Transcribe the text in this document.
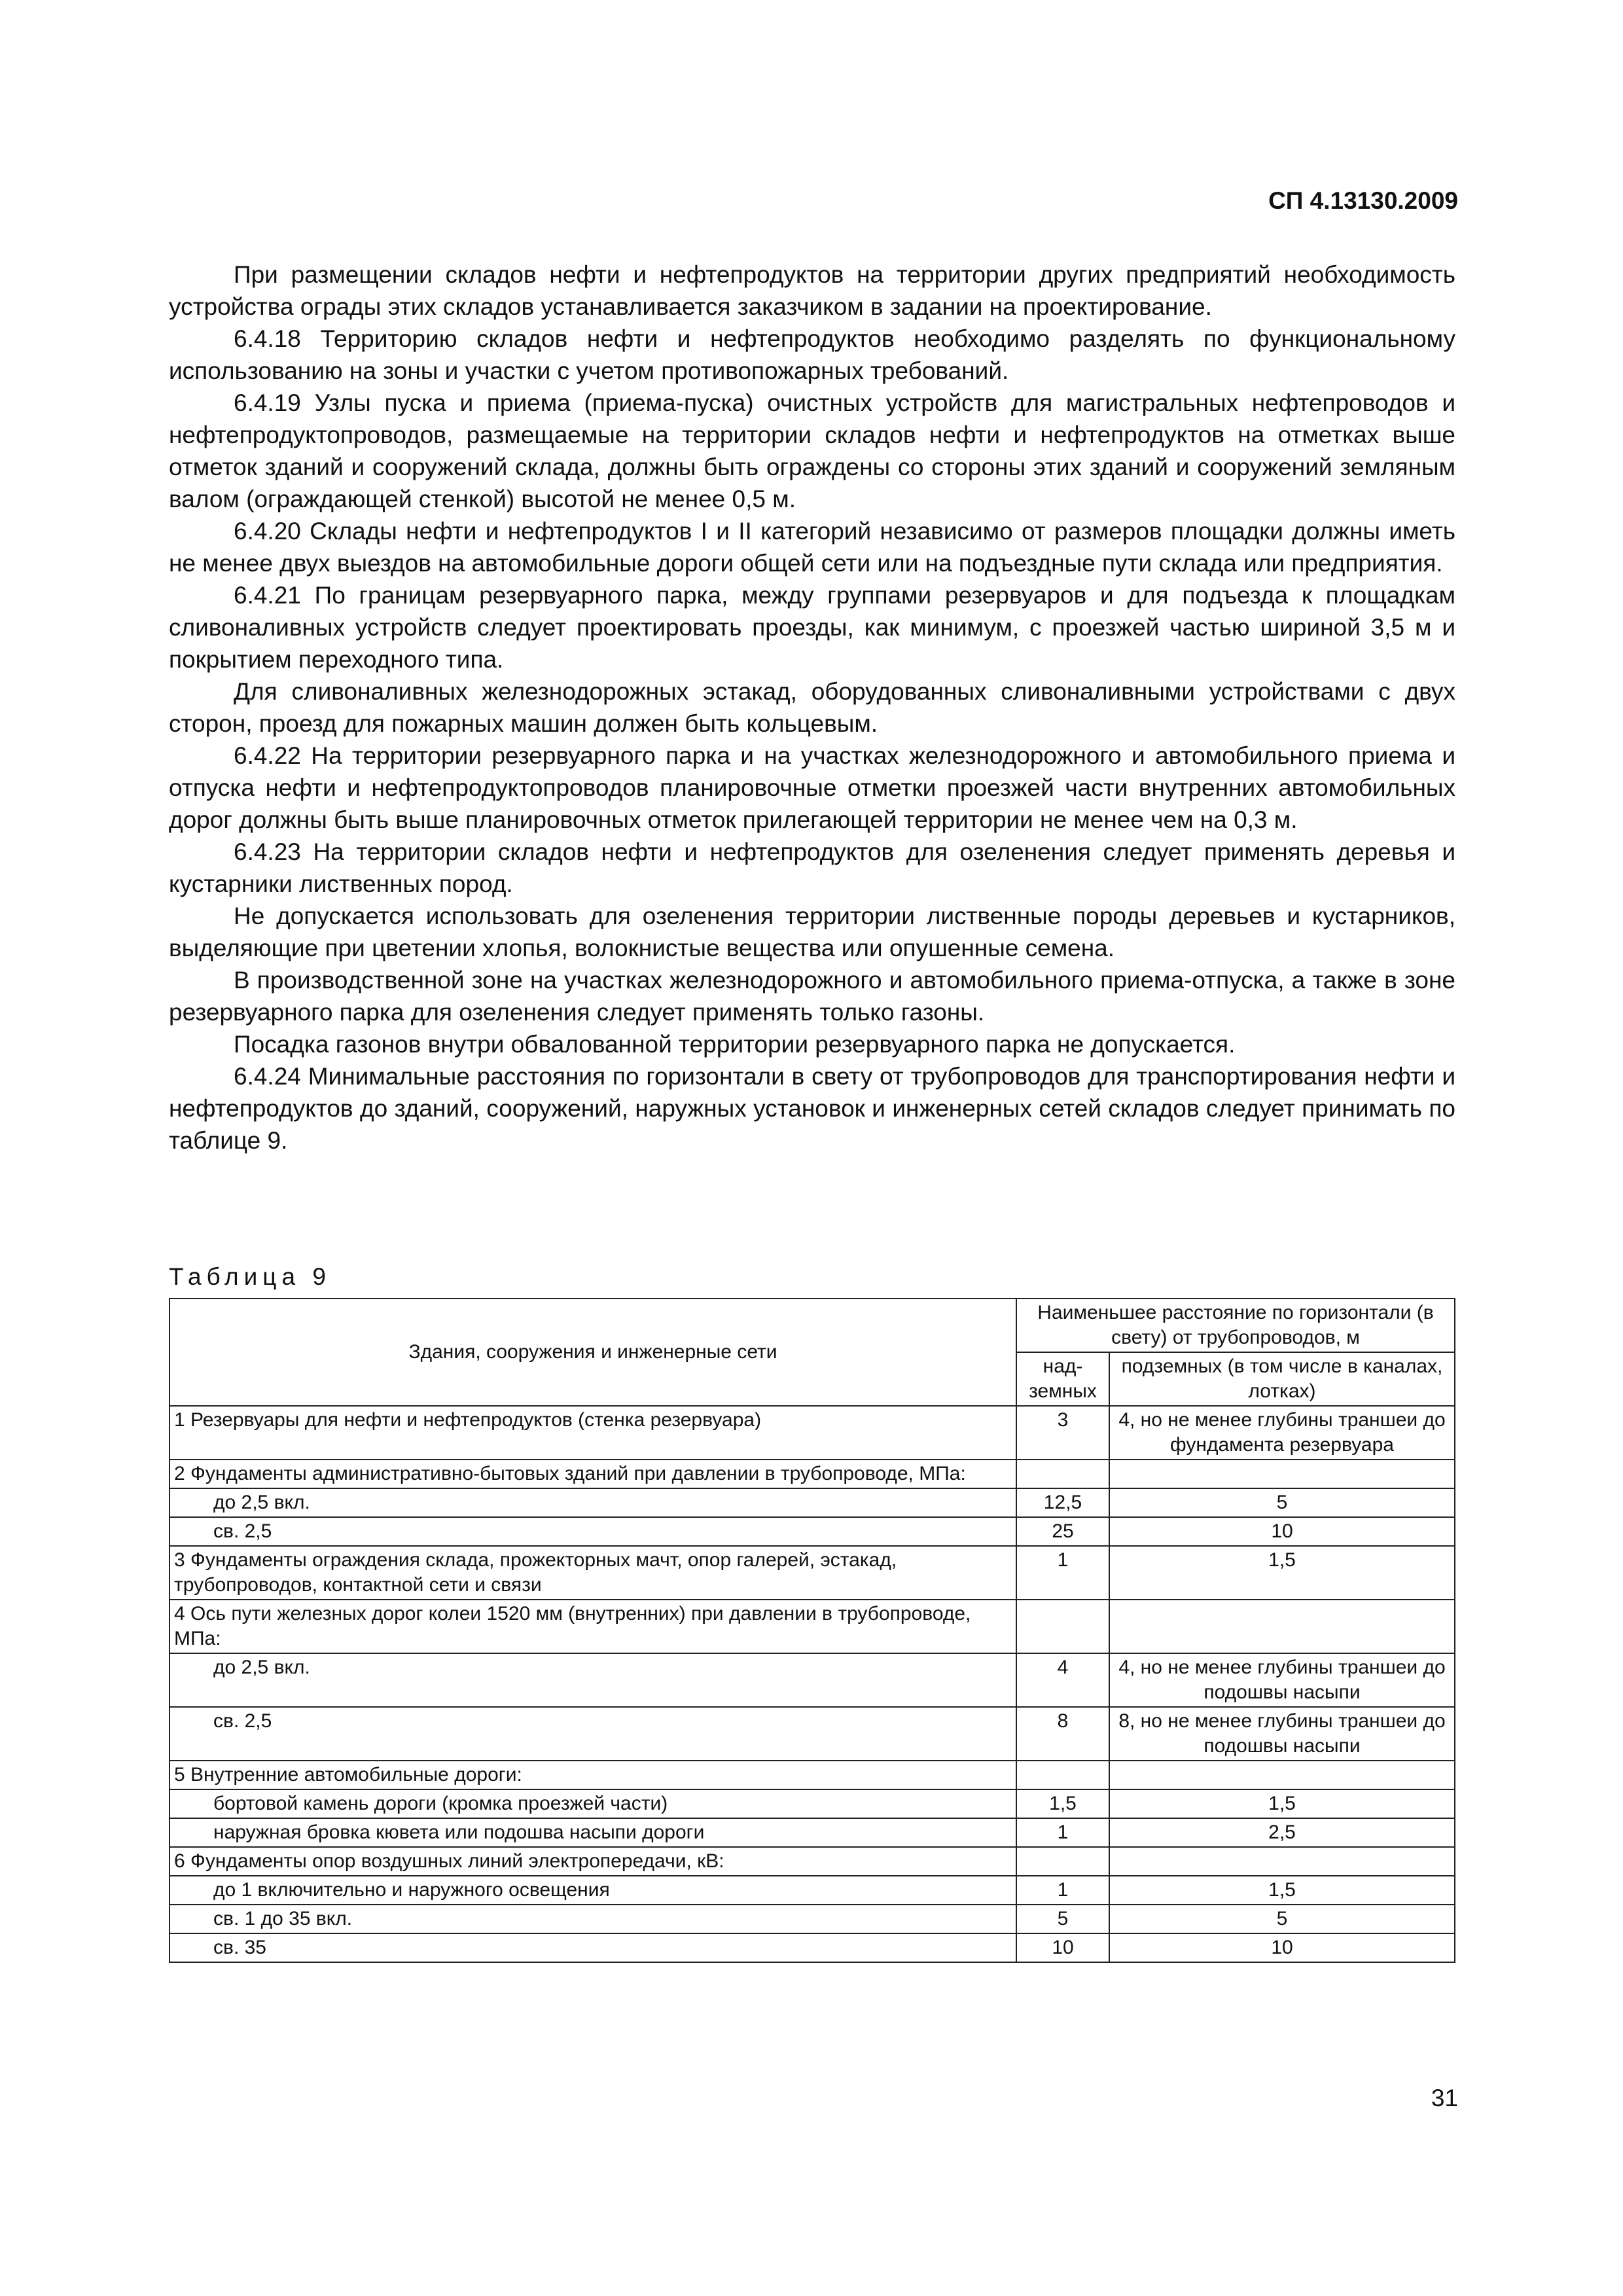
СП 4.13130.2009

При размещении складов нефти и нефтепродуктов на территории других предприятий необходимость устройства ограды этих складов устанавливается заказчиком в задании на проектирование.

6.4.18 Территорию складов нефти и нефтепродуктов необходимо разделять по функциональному использованию на зоны и участки с учетом противопожарных требований.

6.4.19 Узлы пуска и приема (приема-пуска) очистных устройств для магистральных нефтепроводов и нефтепродуктопроводов, размещаемые на территории складов нефти и нефтепродуктов на отметках выше отметок зданий и сооружений склада, должны быть ограждены со стороны этих зданий и сооружений земляным валом (ограждающей стенкой) высотой не менее 0,5 м.

6.4.20 Склады нефти и нефтепродуктов I и II категорий независимо от размеров площадки должны иметь не менее двух выездов на автомобильные дороги общей сети или на подъездные пути склада или предприятия.

6.4.21 По границам резервуарного парка, между группами резервуаров и для подъезда к площадкам сливоналивных устройств следует проектировать проезды, как минимум, с проезжей частью шириной 3,5 м и покрытием переходного типа.

Для сливоналивных железнодорожных эстакад, оборудованных сливоналивными устройствами с двух сторон, проезд для пожарных машин должен быть кольцевым.

6.4.22 На территории резервуарного парка и на участках железнодорожного и автомобильного приема и отпуска нефти и нефтепродуктопроводов планировочные отметки проезжей части внутренних автомобильных дорог должны быть выше планировочных отметок прилегающей территории не менее чем на 0,3 м.

6.4.23 На территории складов нефти и нефтепродуктов для озеленения следует применять деревья и кустарники лиственных пород.

Не допускается использовать для озеленения территории лиственные породы деревьев и кустарников, выделяющие при цветении хлопья, волокнистые вещества или опушенные семена.

В производственной зоне на участках железнодорожного и автомобильного приема-отпуска, а также в зоне резервуарного парка для озеленения следует применять только газоны.

Посадка газонов внутри обвалованной территории резервуарного парка не допускается.

6.4.24 Минимальные расстояния по горизонтали в свету от трубопроводов для транспортирования нефти и нефтепродуктов до зданий, сооружений, наружных установок и инженерных сетей складов следует принимать по таблице 9.

Таблица 9
Здания, сооружения и инженерные сети	Наименьшее расстояние по горизонтали (в свету) от трубопроводов, м	
	над-земных	подземных (в том числе в каналах, лотках)
1 Резервуары для нефти и нефтепродуктов (стенка резервуара)	3	4, но не менее глубины траншеи до фундамента резервуара
2 Фундаменты административно-бытовых зданий при давлении в трубопроводе, МПа:		
до 2,5 вкл.	12,5	5
св. 2,5	25	10
3 Фундаменты ограждения склада, прожекторных мачт, опор галерей, эстакад, трубопроводов, контактной сети и связи	1	1,5
4 Ось пути железных дорог колеи 1520 мм (внутренних) при давлении в трубопроводе, МПа:		
до 2,5 вкл.	4	4, но не менее глубины траншеи до подошвы насыпи
св. 2,5	8	8, но не менее глубины траншеи до подошвы насыпи
5 Внутренние автомобильные дороги:		
бортовой камень дороги (кромка проезжей части)	1,5	1,5
наружная бровка кювета или подошва насыпи дороги	1	2,5
6 Фундаменты опор воздушных линий электропередачи, кВ:		
до 1 включительно и наружного освещения	1	1,5
св. 1 до 35 вкл.	5	5
св. 35	10	10
31
